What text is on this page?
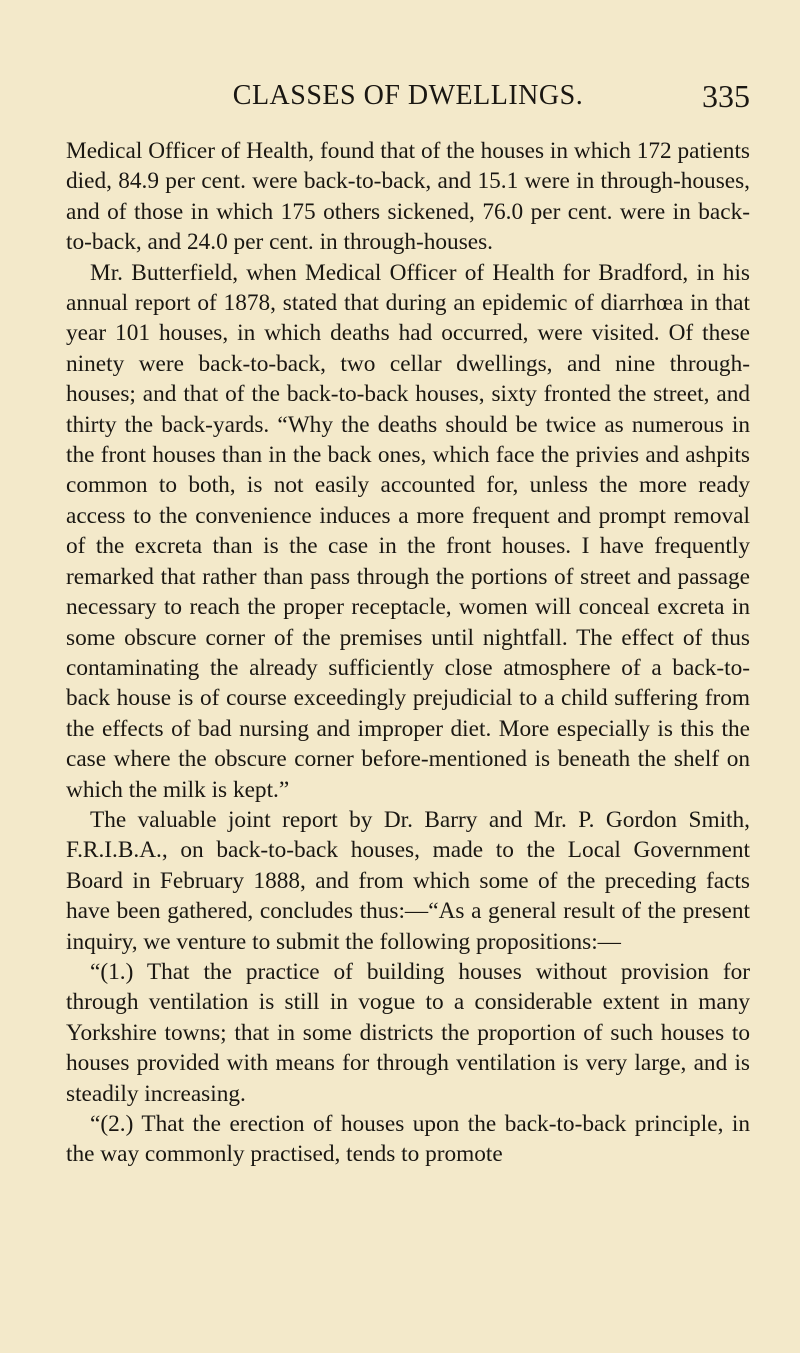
CLASSES OF DWELLINGS.	335

Medical Officer of Health, found that of the houses in which 172 patients died, 84.9 per cent. were back-to-back, and 15.1 were in through-houses, and of those in which 175 others sickened, 76.0 per cent. were in back-to-back, and 24.0 per cent. in through-houses.

Mr. Butterfield, when Medical Officer of Health for Bradford, in his annual report of 1878, stated that during an epidemic of diarrhœa in that year 101 houses, in which deaths had occurred, were visited. Of these ninety were back-to-back, two cellar dwellings, and nine through-houses; and that of the back-to-back houses, sixty fronted the street, and thirty the back-yards. “Why the deaths should be twice as numerous in the front houses than in the back ones, which face the privies and ashpits common to both, is not easily accounted for, unless the more ready access to the convenience induces a more frequent and prompt removal of the excreta than is the case in the front houses. I have frequently remarked that rather than pass through the portions of street and passage necessary to reach the proper receptacle, women will conceal excreta in some obscure corner of the premises until nightfall. The effect of thus contaminating the already sufficiently close atmosphere of a back-to-back house is of course exceedingly prejudicial to a child suffering from the effects of bad nursing and improper diet. More especially is this the case where the obscure corner before-mentioned is beneath the shelf on which the milk is kept.”

The valuable joint report by Dr. Barry and Mr. P. Gordon Smith, F.R.I.B.A., on back-to-back houses, made to the Local Government Board in February 1888, and from which some of the preceding facts have been gathered, concludes thus:—“As a general result of the present inquiry, we venture to submit the following propositions:—

“(1.) That the practice of building houses without provision for through ventilation is still in vogue to a considerable extent in many Yorkshire towns; that in some districts the proportion of such houses to houses provided with means for through ventilation is very large, and is steadily increasing.

“(2.) That the erection of houses upon the back-to-back principle, in the way commonly practised, tends to promote
